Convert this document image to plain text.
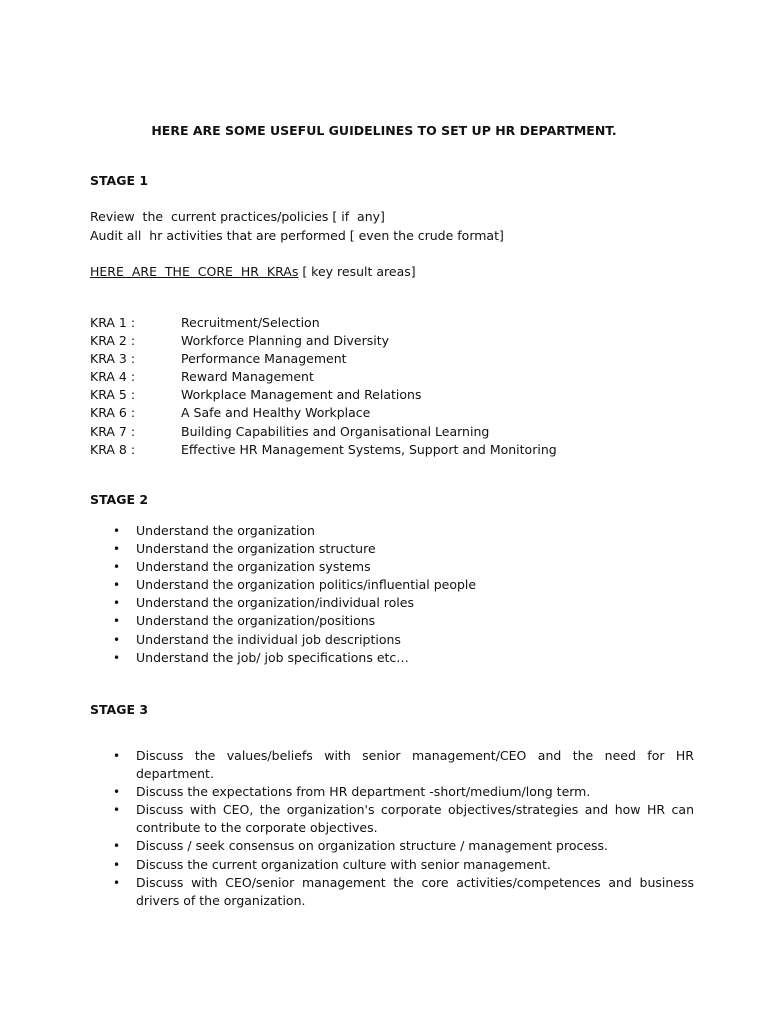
HERE ARE SOME USEFUL GUIDELINES TO SET UP HR DEPARTMENT.
STAGE 1
Review  the  current practices/policies [ if  any]
Audit all  hr activities that are performed [ even the crude format]
HERE  ARE  THE  CORE  HR  KRAs [ key result areas]
KRA 1 :	Recruitment/Selection
KRA 2 :	Workforce Planning and Diversity
KRA 3 :	Performance Management
KRA 4 :	Reward Management
KRA 5 :	Workplace Management and Relations
KRA 6 :	A Safe and Healthy Workplace
KRA 7 :	Building Capabilities and Organisational Learning
KRA 8 :	Effective HR Management Systems, Support and Monitoring
STAGE 2
• Understand the organization
• Understand the organization structure
• Understand the organization systems
• Understand the organization politics/influential people
• Understand the organization/individual roles
• Understand the organization/positions
• Understand the individual job descriptions
• Understand the job/ job specifications etc…
STAGE 3
• Discuss the values/beliefs with senior management/CEO and the need for HR department.
• Discuss the expectations from HR department -short/medium/long term.
• Discuss with CEO, the organization's corporate objectives/strategies and how HR can contribute to the corporate objectives.
• Discuss / seek consensus on organization structure / management process.
• Discuss the current organization culture with senior management.
• Discuss with CEO/senior management the core activities/competences and business drivers of the organization.
